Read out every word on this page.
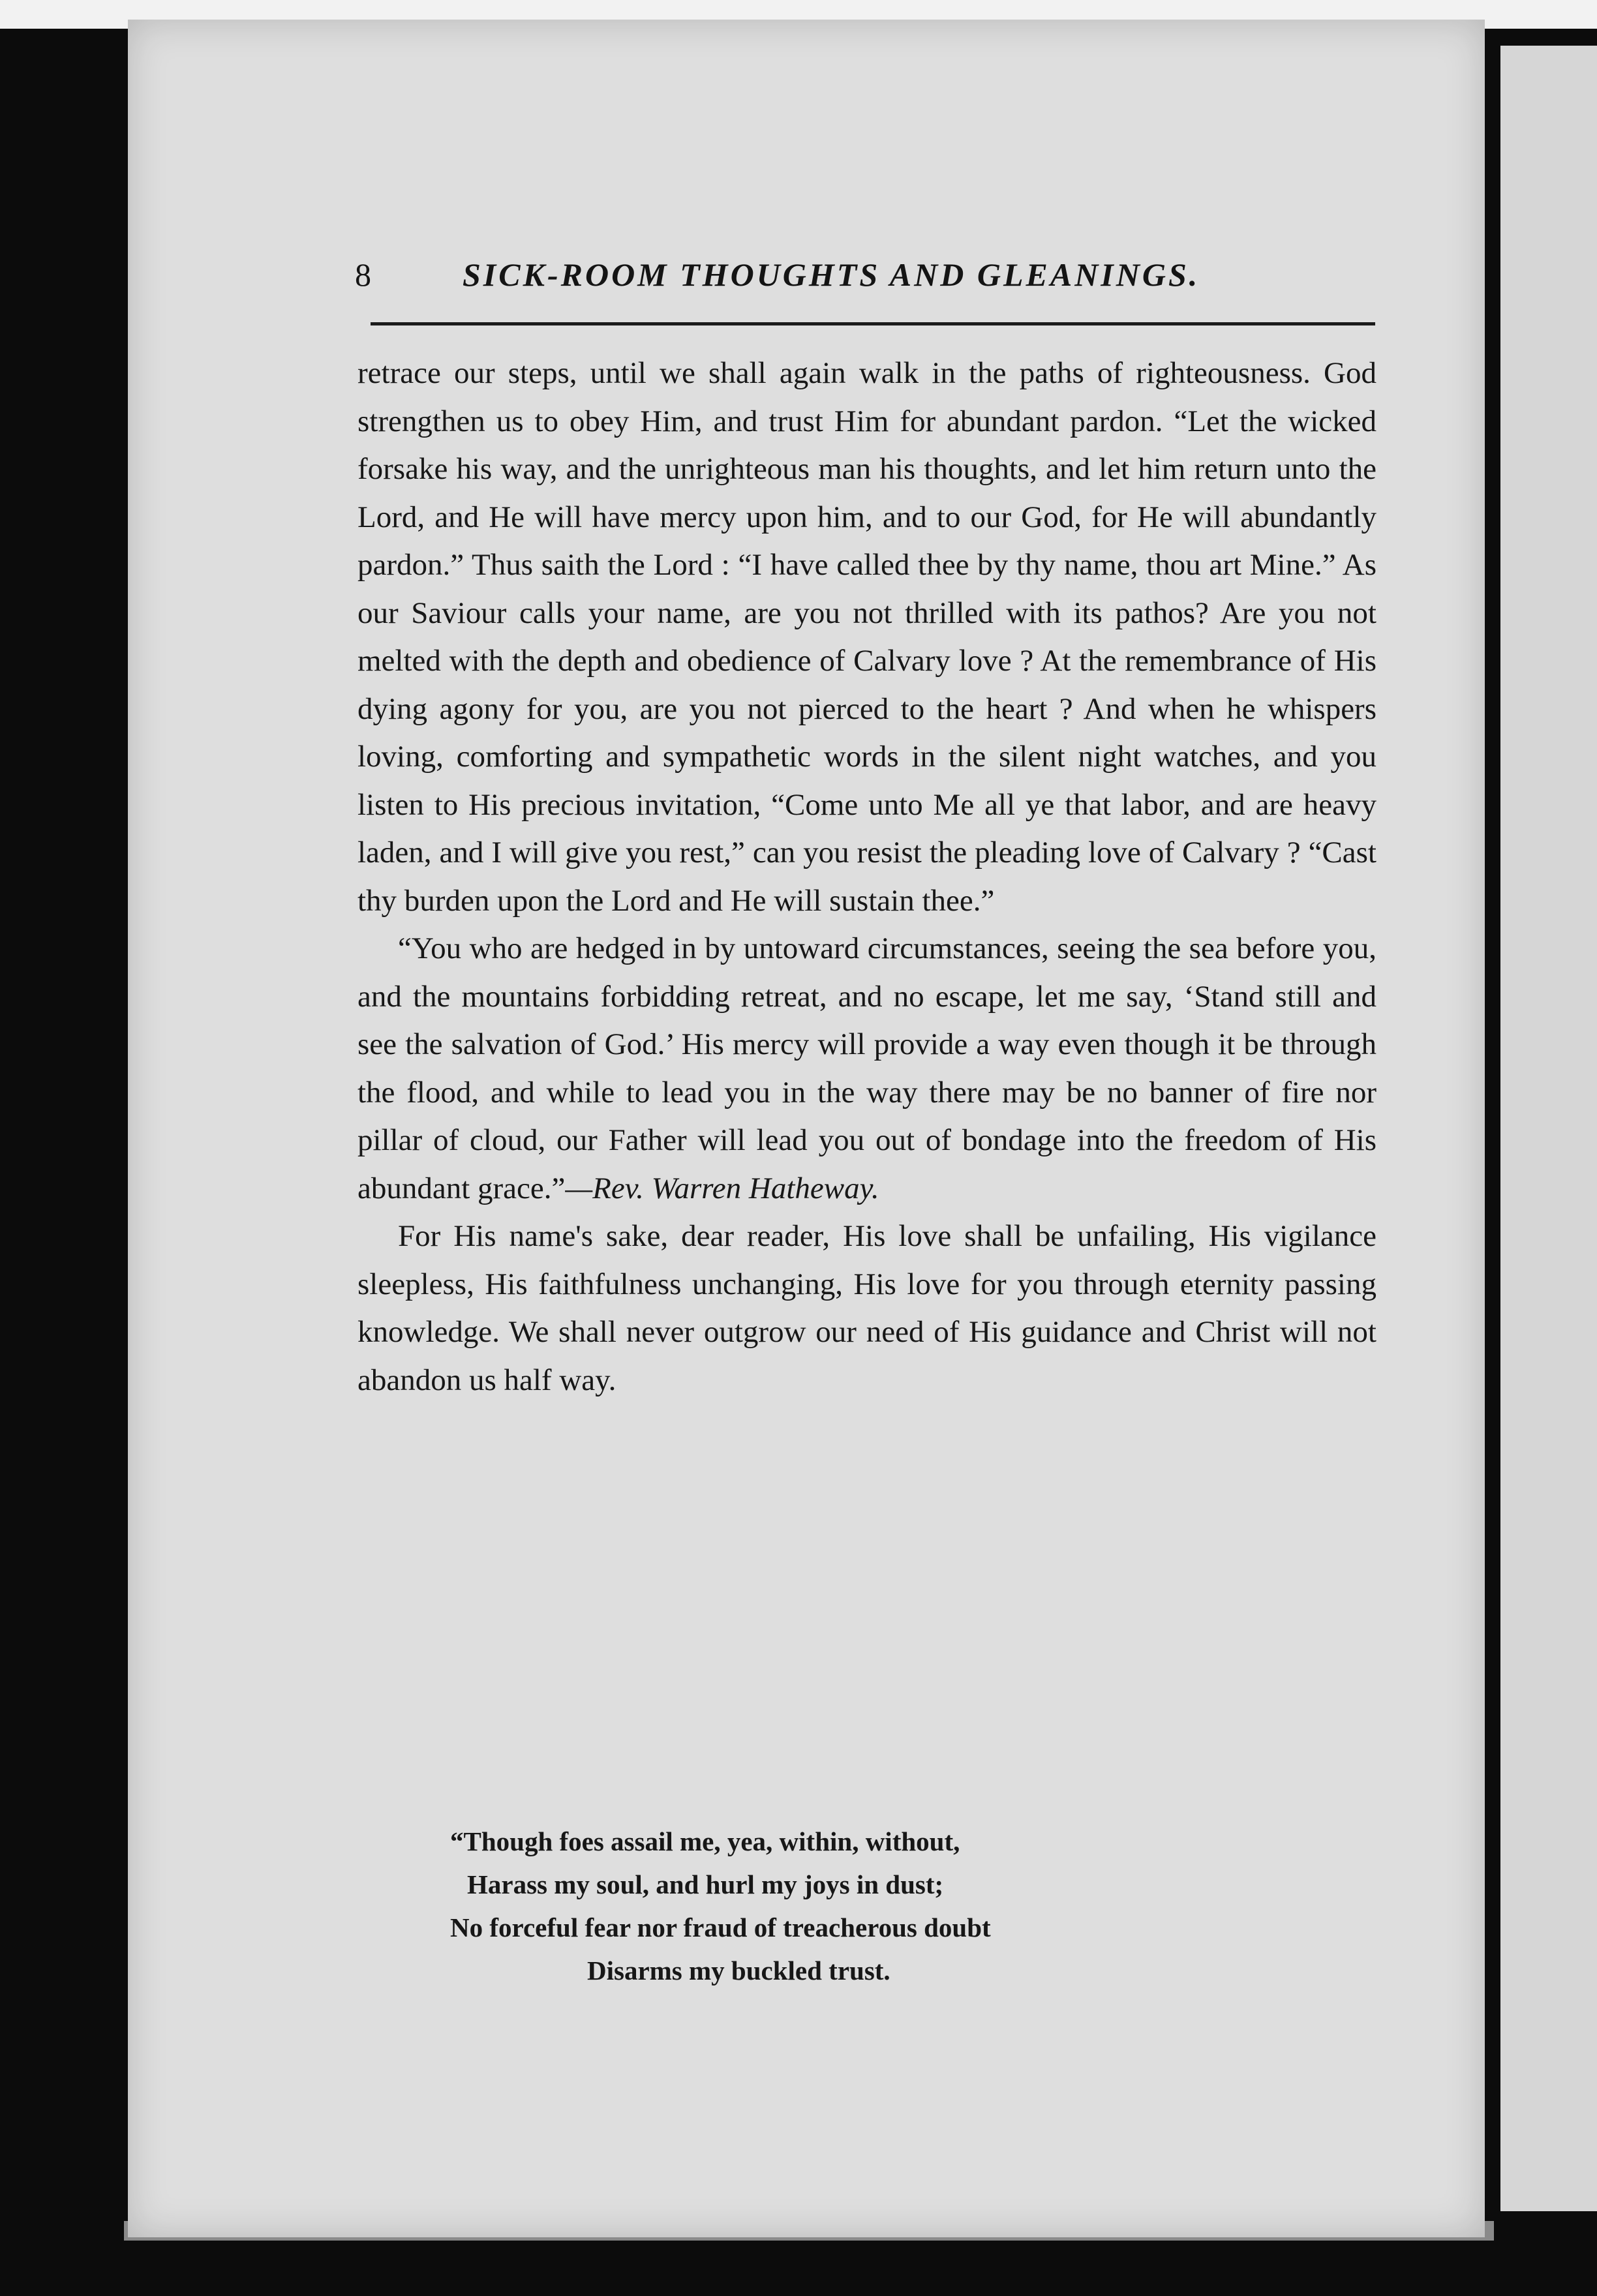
8	SICK-ROOM THOUGHTS AND GLEANINGS.

retrace our steps, until we shall again walk in the paths of righteousness. God strengthen us to obey Him, and trust Him for abundant pardon. “Let the wicked forsake his way, and the unrighteous man his thoughts, and let him return unto the Lord, and He will have mercy upon him, and to our God, for He will abundantly pardon.” Thus saith the Lord : “I have called thee by thy name, thou art Mine.” As our Saviour calls your name, are you not thrilled with its pathos? Are you not melted with the depth and obedience of Calvary love ? At the remembrance of His dying agony for you, are you not pierced to the heart ? And when he whispers loving, comforting and sympathetic words in the silent night watches, and you listen to His precious invitation, “Come unto Me all ye that labor, and are heavy laden, and I will give you rest,” can you resist the pleading love of Calvary ? “Cast thy burden upon the Lord and He will sustain thee.”

“You who are hedged in by untoward circumstances, seeing the sea before you, and the mountains forbidding retreat, and no escape, let me say, ‘Stand still and see the salvation of God.’ His mercy will provide a way even though it be through the flood, and while to lead you in the way there may be no banner of fire nor pillar of cloud, our Father will lead you out of bondage into the freedom of His abundant grace.”—Rev. Warren Hatheway.

For His name's sake, dear reader, His love shall be unfailing, His vigilance sleepless, His faithfulness unchanging, His love for you through eternity passing knowledge. We shall never outgrow our need of His guidance and Christ will not abandon us half way.

“Though foes assail me, yea, within, without,
Harass my soul, and hurl my joys in dust;
No forceful fear nor fraud of treacherous doubt
Disarms my buckled trust.
